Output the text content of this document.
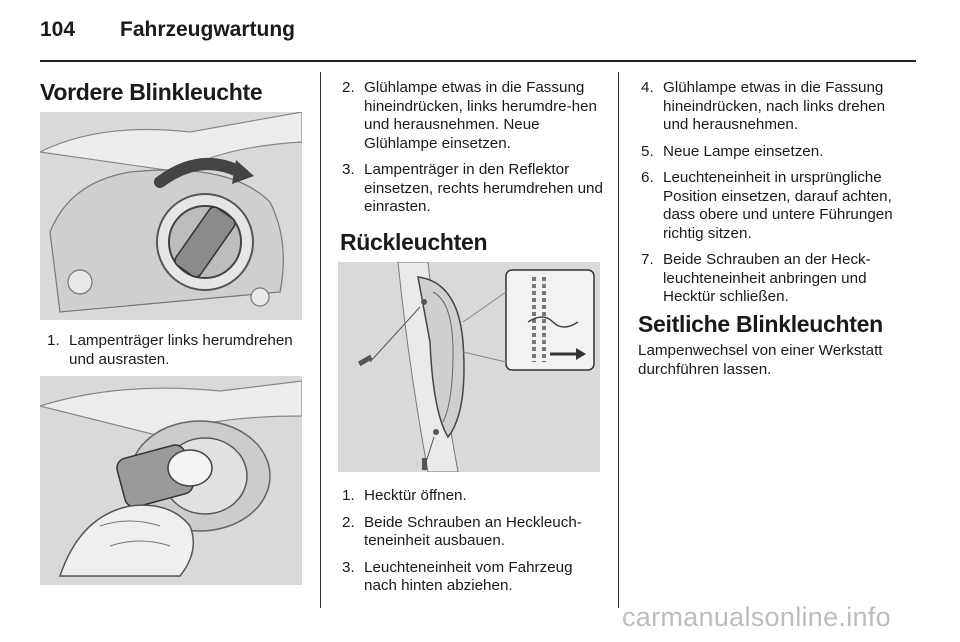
104 Fahrzeugwartung
Vordere Blinkleuchte
1. Lampenträger links herumdrehen und ausrasten.
2. Glühlampe etwas in die Fassung hineindrücken, links herumdre-hen und herausnehmen. Neue Glühlampe einsetzen.
3. Lampenträger in den Reflektor einsetzen, rechts herumdrehen und einrasten.
Rückleuchten
1. Hecktür öffnen.
2. Beide Schrauben an Heckleuch-teneinheit ausbauen.
3. Leuchteneinheit vom Fahrzeug nach hinten abziehen.
4. Glühlampe etwas in die Fassung hineindrücken, nach links drehen und herausnehmen.
5. Neue Lampe einsetzen.
6. Leuchteneinheit in ursprüngliche Position einsetzen, darauf achten, dass obere und untere Führungen richtig sitzen.
7. Beide Schrauben an der Heck-leuchteneinheit anbringen und Hecktür schließen.
Seitliche Blinkleuchten

Lampenwechsel von einer Werkstatt durchführen lassen.

carmanualsonline.info
